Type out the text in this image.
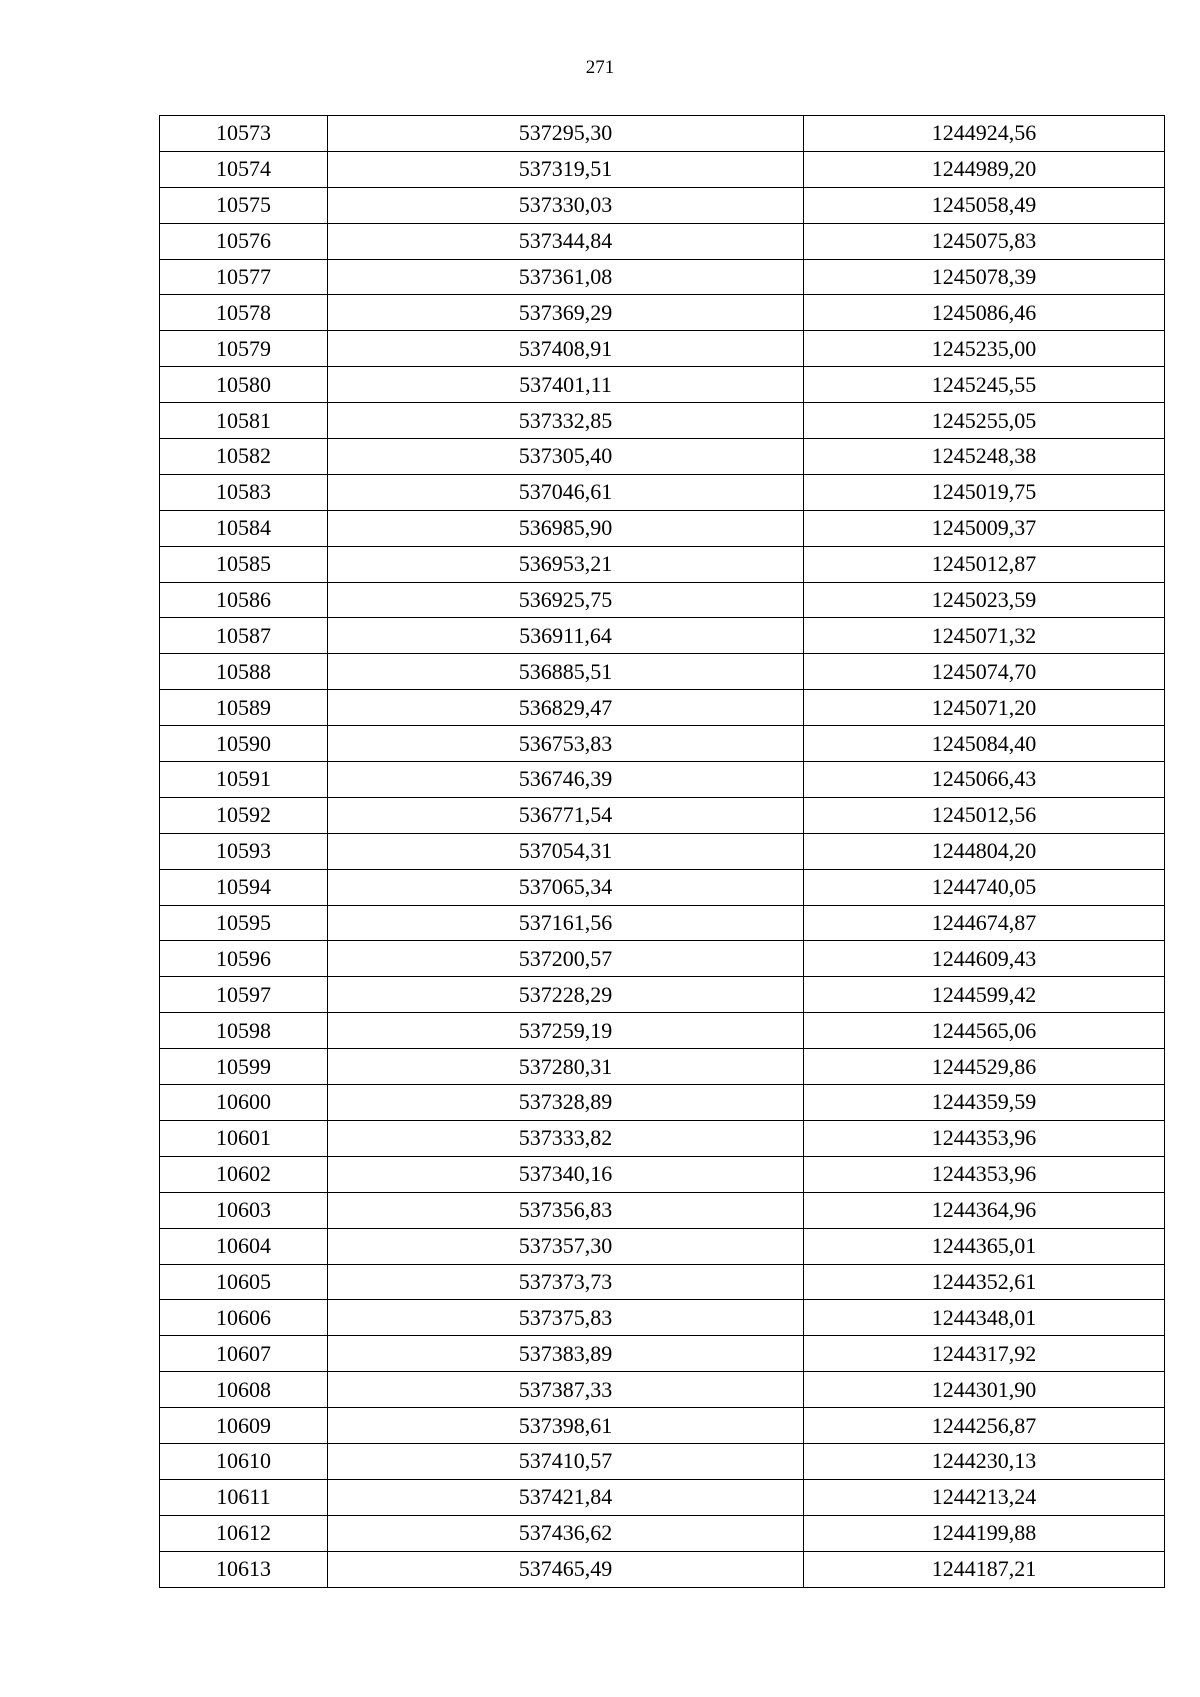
271
10573	537295,30	1244924,56
10574	537319,51	1244989,20
10575	537330,03	1245058,49
10576	537344,84	1245075,83
10577	537361,08	1245078,39
10578	537369,29	1245086,46
10579	537408,91	1245235,00
10580	537401,11	1245245,55
10581	537332,85	1245255,05
10582	537305,40	1245248,38
10583	537046,61	1245019,75
10584	536985,90	1245009,37
10585	536953,21	1245012,87
10586	536925,75	1245023,59
10587	536911,64	1245071,32
10588	536885,51	1245074,70
10589	536829,47	1245071,20
10590	536753,83	1245084,40
10591	536746,39	1245066,43
10592	536771,54	1245012,56
10593	537054,31	1244804,20
10594	537065,34	1244740,05
10595	537161,56	1244674,87
10596	537200,57	1244609,43
10597	537228,29	1244599,42
10598	537259,19	1244565,06
10599	537280,31	1244529,86
10600	537328,89	1244359,59
10601	537333,82	1244353,96
10602	537340,16	1244353,96
10603	537356,83	1244364,96
10604	537357,30	1244365,01
10605	537373,73	1244352,61
10606	537375,83	1244348,01
10607	537383,89	1244317,92
10608	537387,33	1244301,90
10609	537398,61	1244256,87
10610	537410,57	1244230,13
10611	537421,84	1244213,24
10612	537436,62	1244199,88
10613	537465,49	1244187,21
